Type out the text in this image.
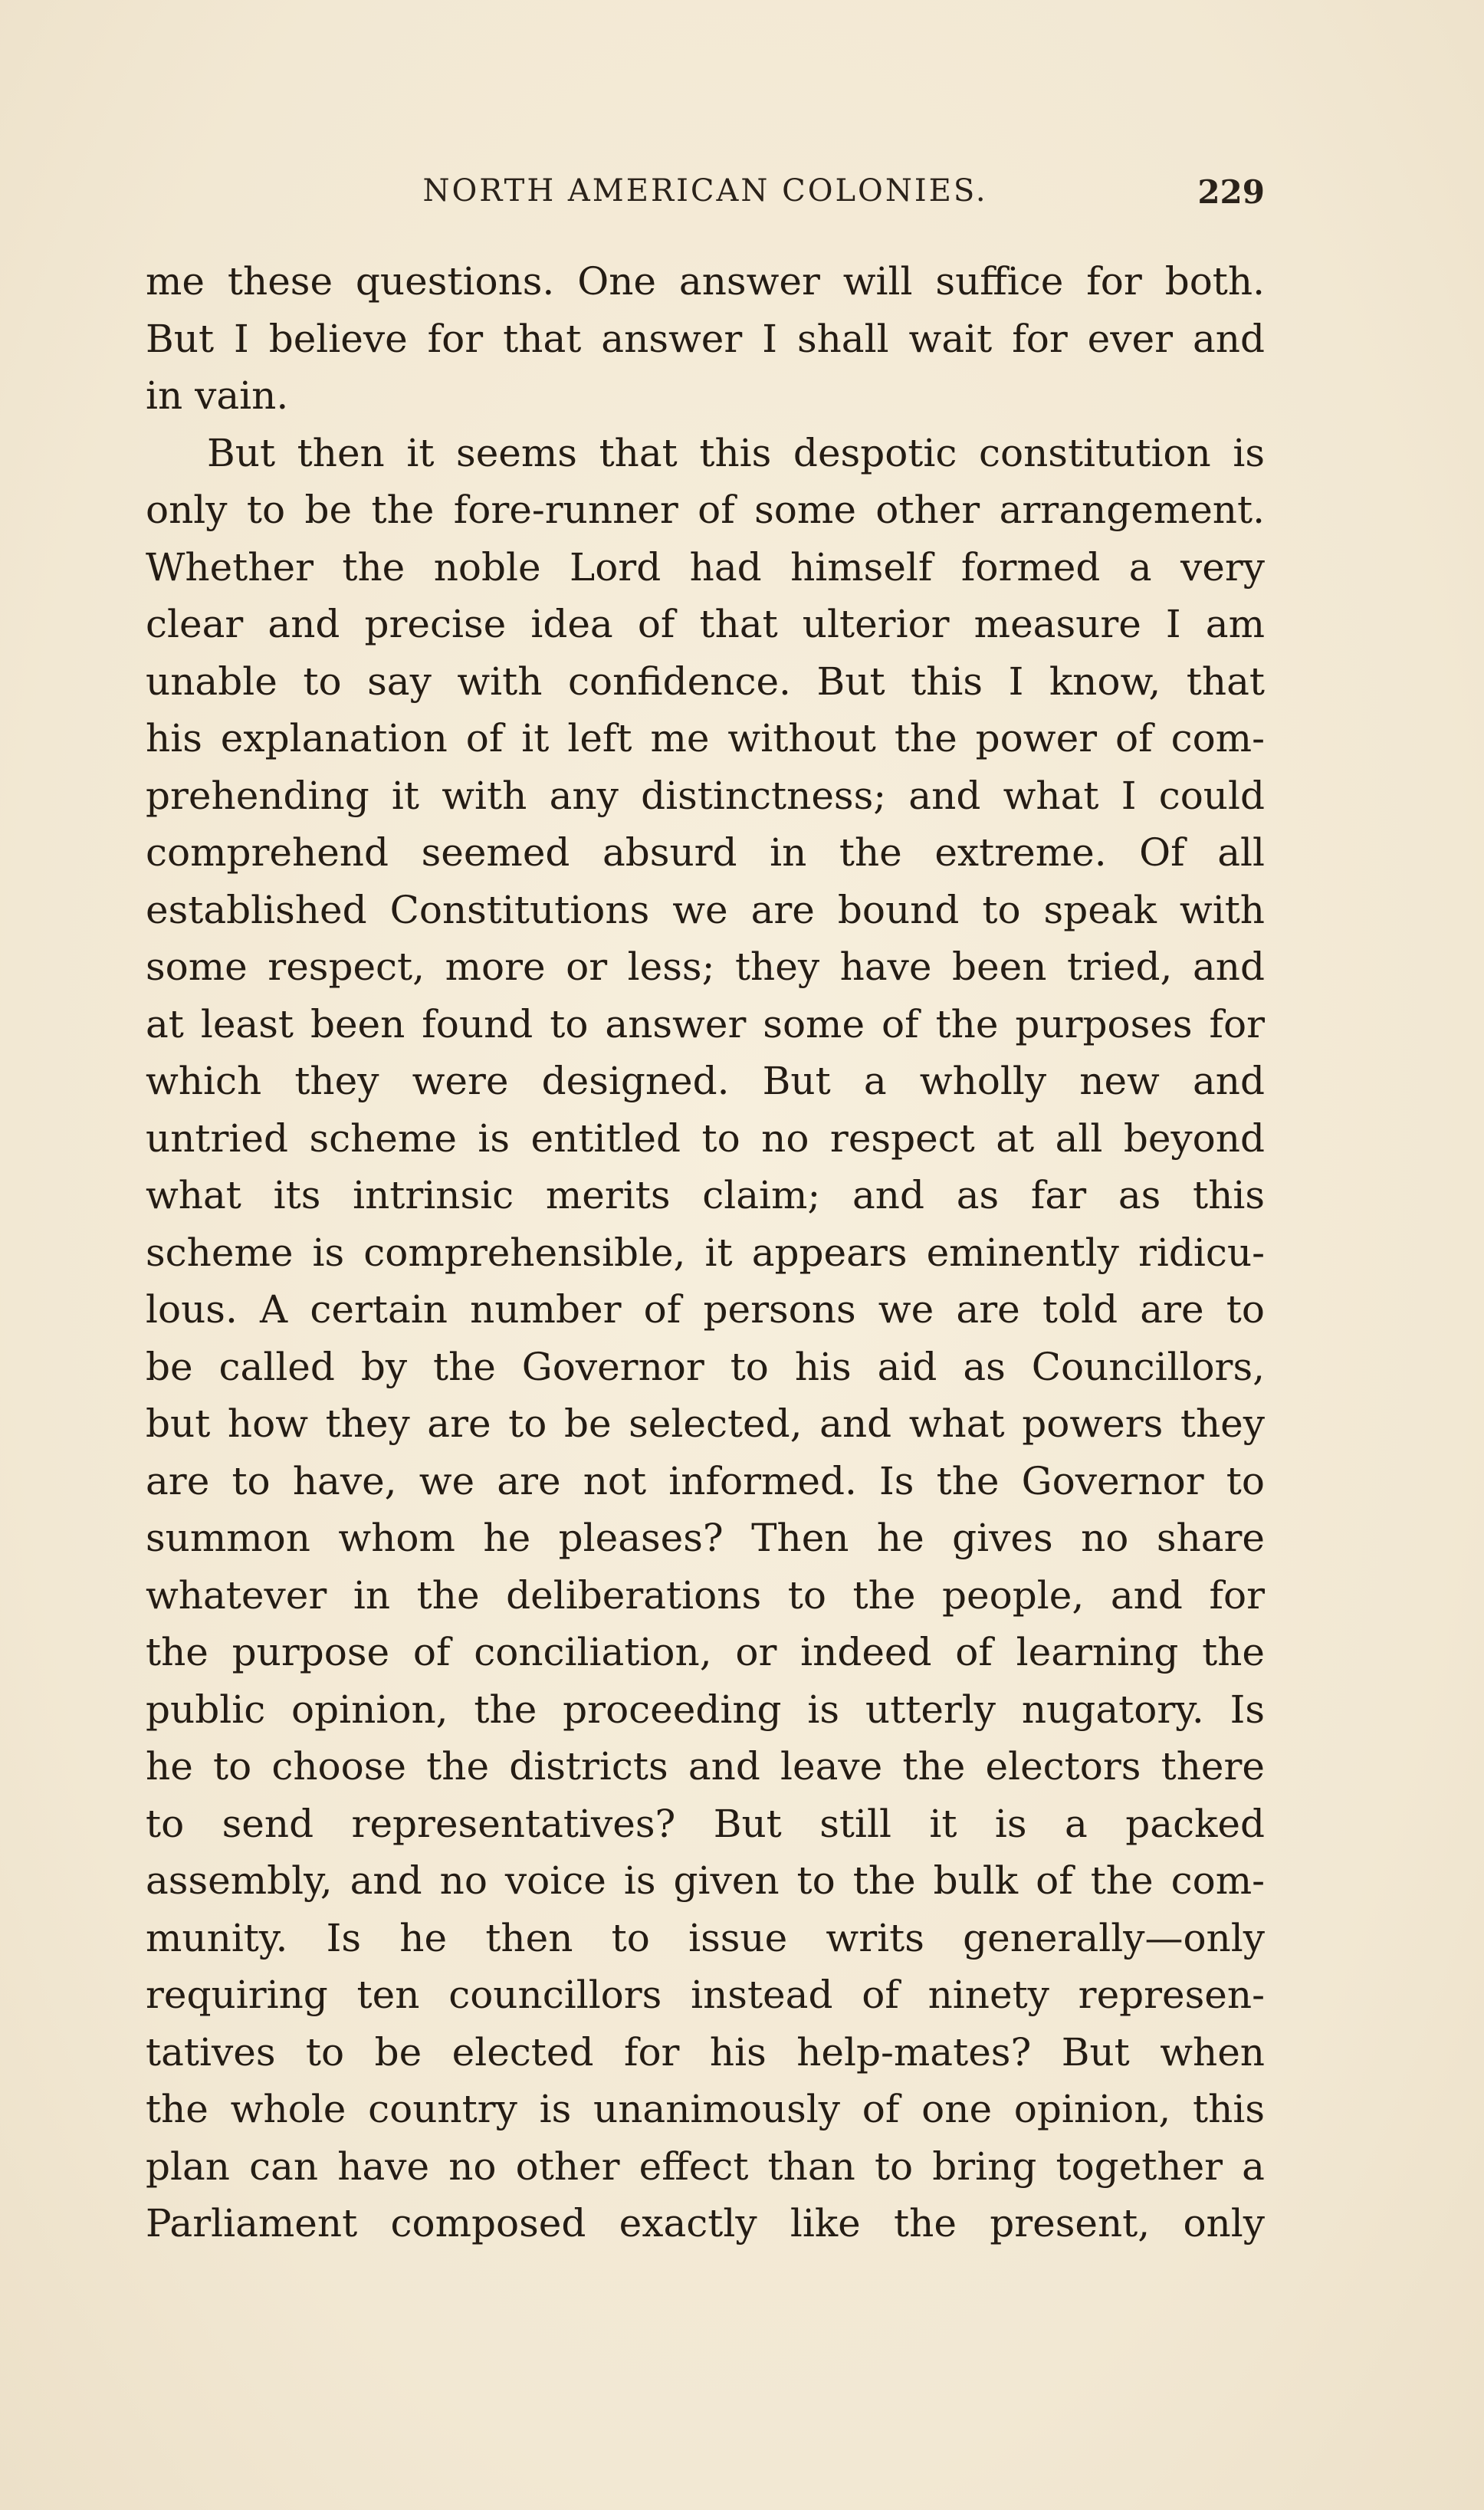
NORTH AMERICAN COLONIES.	229
me these questions. One answer will suffice for both.
But I believe for that answer I shall wait for ever and
in vain.
But then it seems that this despotic constitution is
only to be the fore-runner of some other arrangement.
Whether the noble Lord had himself formed a very
clear and precise idea of that ulterior measure I am
unable to say with confidence. But this I know, that
his explanation of it left me without the power of com-
prehending it with any distinctness; and what I could
comprehend seemed absurd in the extreme. Of all
established Constitutions we are bound to speak with
some respect, more or less; they have been tried, and
at least been found to answer some of the purposes for
which they were designed. But a wholly new and
untried scheme is entitled to no respect at all beyond
what its intrinsic merits claim; and as far as this
scheme is comprehensible, it appears eminently ridicu-
lous. A certain number of persons we are told are to
be called by the Governor to his aid as Councillors,
but how they are to be selected, and what powers they
are to have, we are not informed. Is the Governor to
summon whom he pleases? Then he gives no share
whatever in the deliberations to the people, and for
the purpose of conciliation, or indeed of learning the
public opinion, the proceeding is utterly nugatory. Is
he to choose the districts and leave the electors there
to send representatives? But still it is a packed
assembly, and no voice is given to the bulk of the com-
munity. Is he then to issue writs generally—only
requiring ten councillors instead of ninety represen-
tatives to be elected for his help-mates? But when
the whole country is unanimously of one opinion, this
plan can have no other effect than to bring together a
Parliament composed exactly like the present, only
